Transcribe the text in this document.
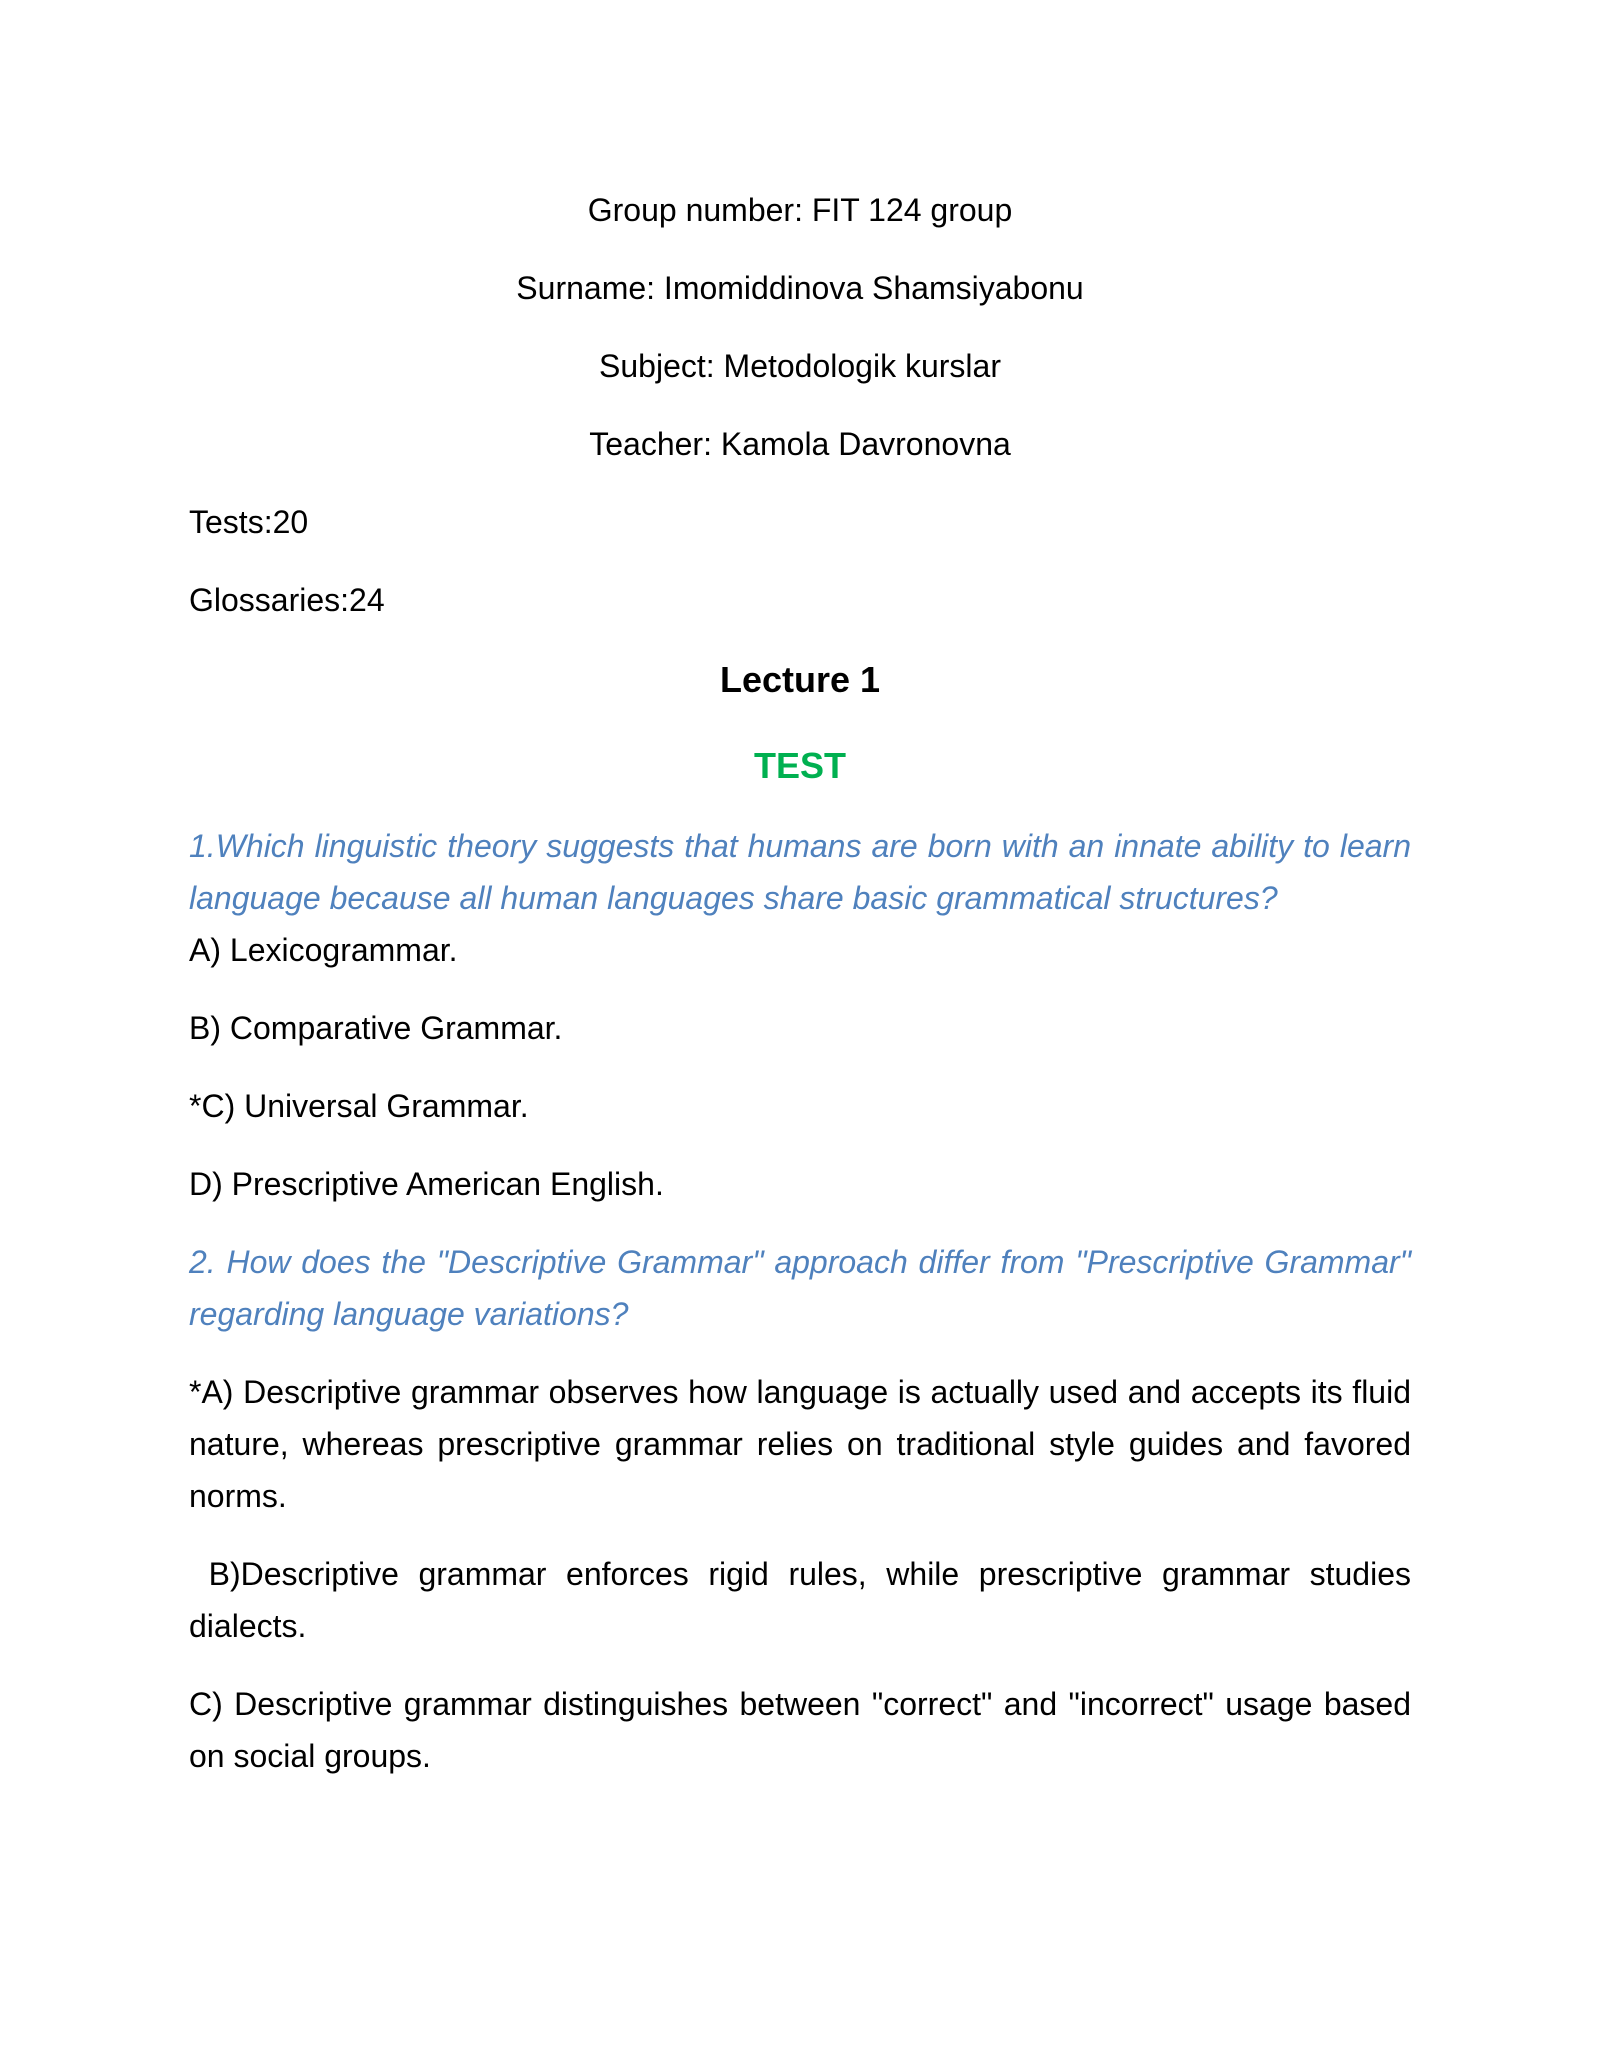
Group number: FIT 124 group
Surname: Imomiddinova Shamsiyabonu
Subject: Metodologik kurslar
Teacher: Kamola Davronovna
Tests:20
Glossaries:24
Lecture 1
TEST
1.Which linguistic theory suggests that humans are born with an innate ability to learn language because all human languages share basic grammatical structures?
A) Lexicogrammar.
B) Comparative Grammar.
*C) Universal Grammar.
D) Prescriptive American English.
2. How does the "Descriptive Grammar" approach differ from "Prescriptive Grammar" regarding language variations?
*A) Descriptive grammar observes how language is actually used and accepts its fluid nature, whereas prescriptive grammar relies on traditional style guides and favored norms.
B)Descriptive grammar enforces rigid rules, while prescriptive grammar studies dialects.
C) Descriptive grammar distinguishes between "correct" and "incorrect" usage based on social groups.
